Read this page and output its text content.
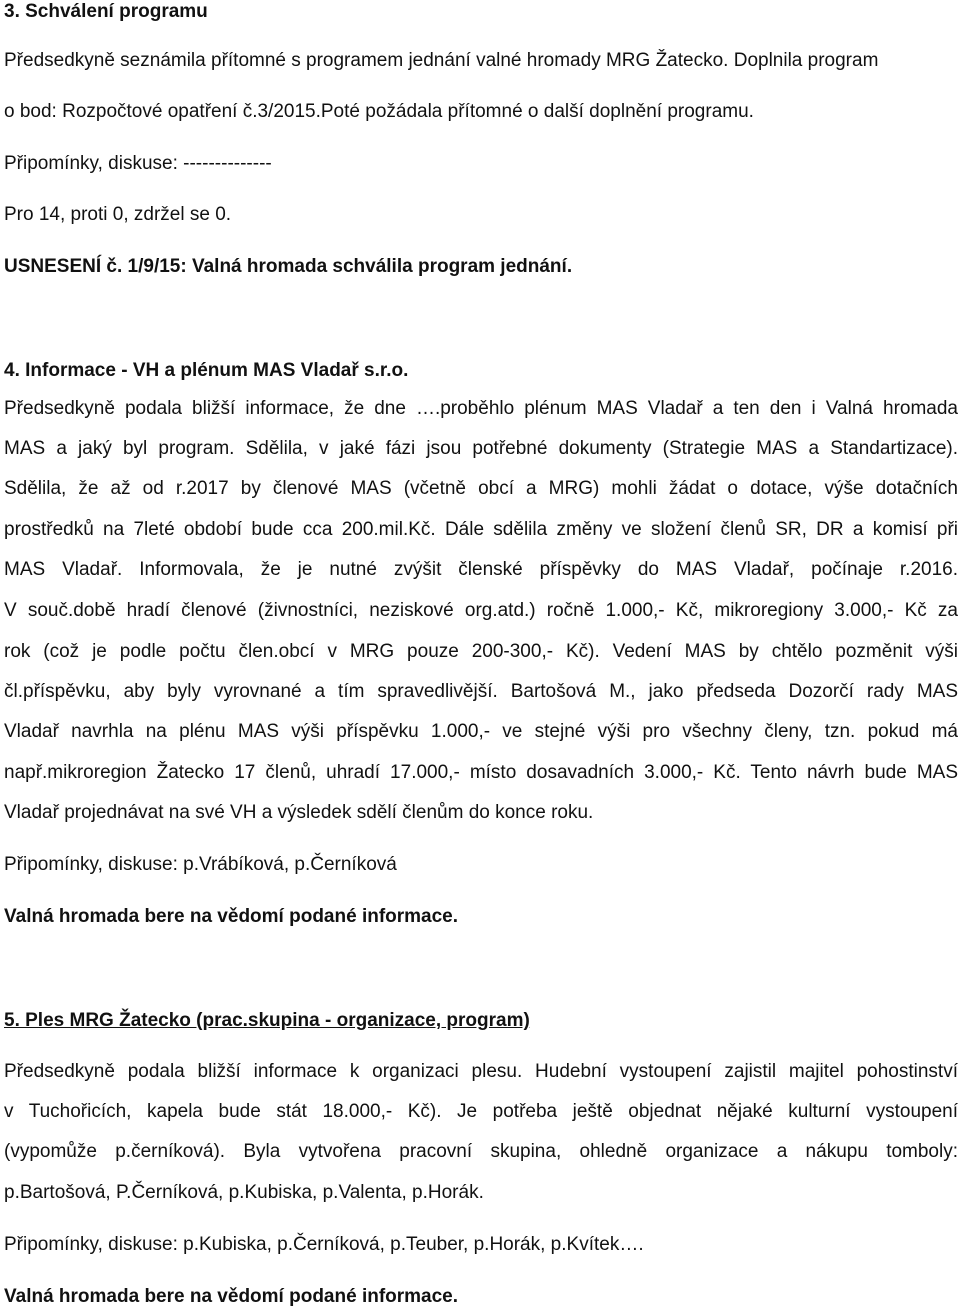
3. Schválení programu
Předsedkyně seznámila přítomné s programem jednání valné hromady MRG Žatecko. Doplnila program
o bod: Rozpočtové opatření č.3/2015.Poté požádala přítomné o další doplnění programu.
Připomínky, diskuse: --------------
Pro 14, proti 0, zdržel se 0.
USNESENÍ č. 1/9/15: Valná hromada schválila program jednání.
4. Informace - VH a plénum MAS Vladař s.r.o.
Předsedkyně podala bližší informace, že dne ….proběhlo plénum MAS Vladař a ten den i Valná hromada
MAS a jaký byl program. Sdělila, v jaké fázi jsou potřebné dokumenty (Strategie MAS a Standartizace).
Sdělila, že až od r.2017 by členové MAS (včetně obcí a MRG) mohli žádat o dotace, výše dotačních
prostředků na 7leté období bude cca 200.mil.Kč. Dále sdělila změny ve složení členů SR, DR a komisí při
MAS Vladař. Informovala, že je nutné zvýšit členské příspěvky do MAS Vladař, počínaje r.2016.
V souč.době hradí členové (živnostníci, neziskové org.atd.) ročně 1.000,- Kč, mikroregiony 3.000,- Kč za
rok (což je podle počtu člen.obcí v MRG pouze 200-300,- Kč). Vedení MAS by chtělo pozměnit výši
čl.příspěvku, aby byly vyrovnané a tím spravedlivější. Bartošová M., jako předseda Dozorčí rady MAS
Vladař navrhla na plénu MAS výši příspěvku 1.000,- ve stejné výši pro všechny členy, tzn. pokud má
např.mikroregion Žatecko 17 členů, uhradí 17.000,- místo dosavadních 3.000,- Kč. Tento návrh bude MAS
Vladař projednávat na své VH a výsledek sdělí členům do konce roku.
Připomínky, diskuse: p.Vrábíková, p.Černíková
Valná hromada bere na vědomí podané informace.
5. Ples MRG Žatecko (prac.skupina - organizace, program)
Předsedkyně podala bližší informace k organizaci plesu. Hudební vystoupení zajistil majitel pohostinství
v Tuchořicích, kapela bude stát 18.000,- Kč). Je potřeba ještě objednat nějaké kulturní vystoupení
(vypomůže p.černíková). Byla vytvořena pracovní skupina, ohledně organizace a nákupu tomboly:
p.Bartošová, P.Černíková, p.Kubiska, p.Valenta, p.Horák.
Připomínky, diskuse: p.Kubiska, p.Černíková, p.Teuber, p.Horák, p.Kvítek….
Valná hromada bere na vědomí podané informace.
